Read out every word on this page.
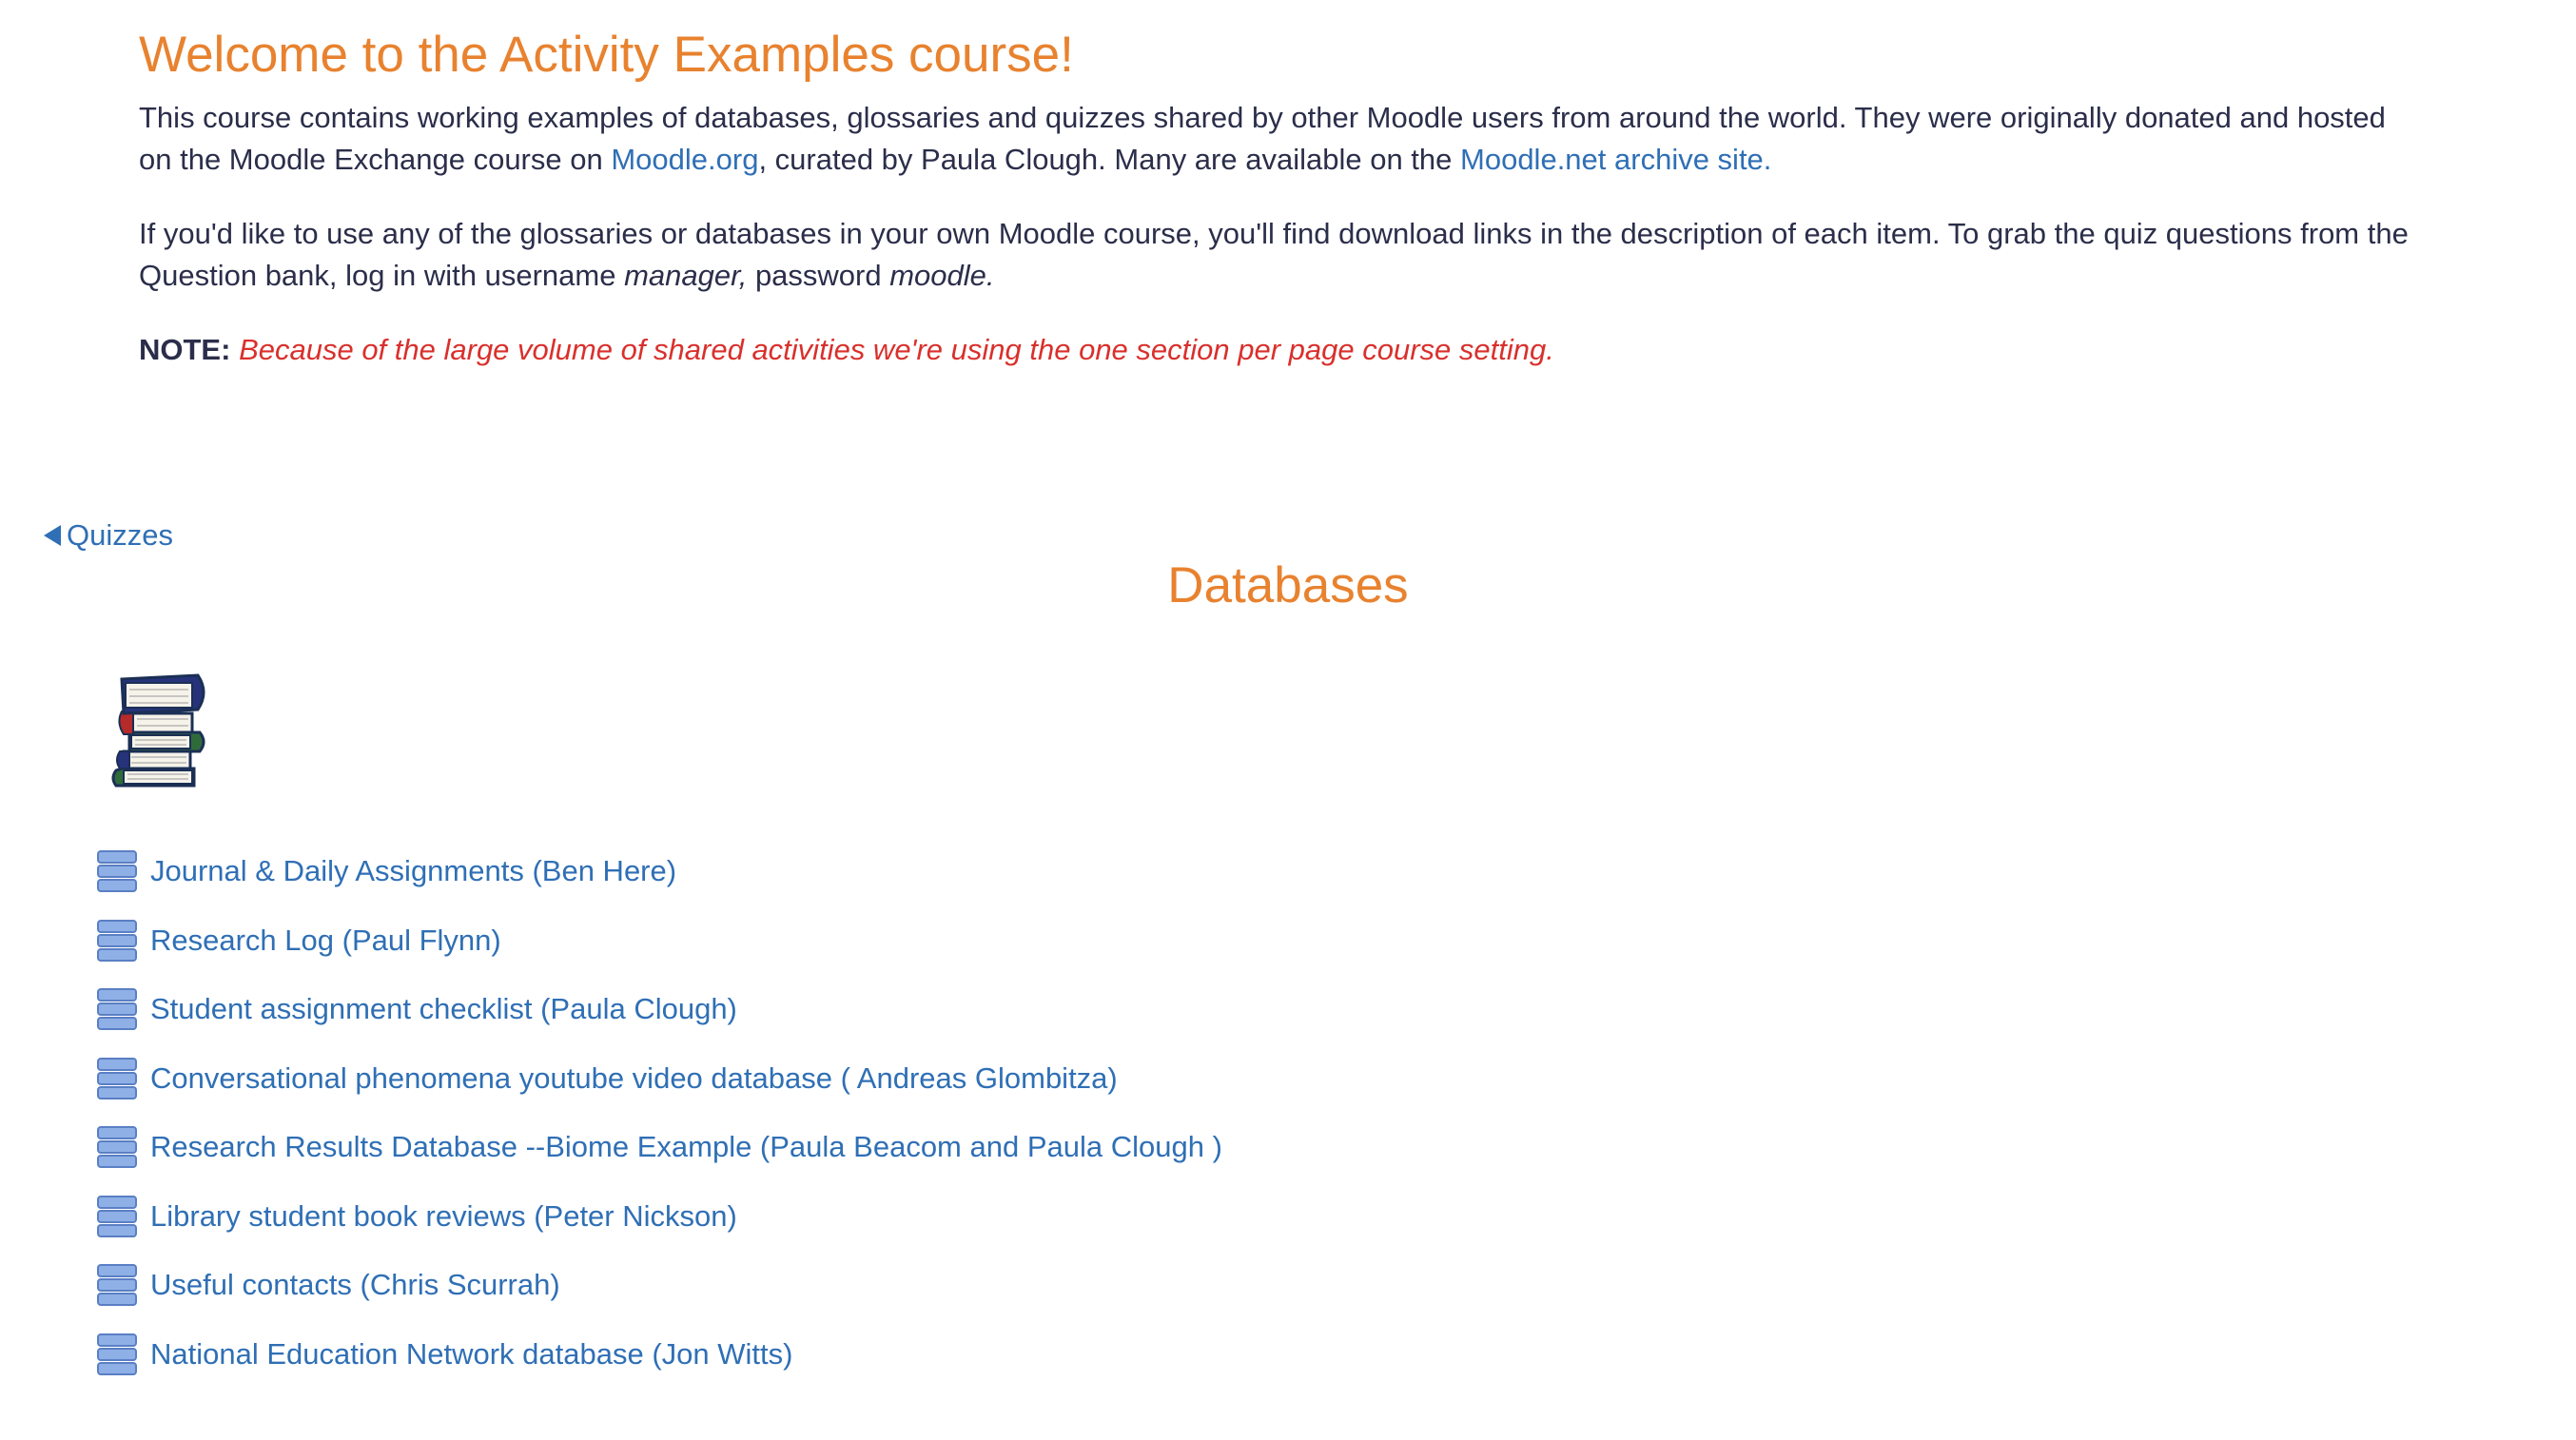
Welcome to the Activity Examples course!

This course contains working examples of databases, glossaries and quizzes shared by other Moodle users from around the world. They were originally donated and hosted on the Moodle Exchange course on Moodle.org, curated by Paula Clough. Many are available on the Moodle.net archive site.

If you'd like to use any of the glossaries or databases in your own Moodle course, you'll find download links in the description of each item. To grab the quiz questions from the Question bank, log in with username manager, password moodle.

NOTE: Because of the large volume of shared activities we're using the one section per page course setting.

Quizzes
Databases
Journal & Daily Assignments (Ben Here)
Research Log (Paul Flynn)
Student assignment checklist (Paula Clough)
Conversational phenomena youtube video database ( Andreas Glombitza)
Research Results Database --Biome Example (Paula Beacom and Paula Clough )
Library student book reviews (Peter Nickson)
Useful contacts (Chris Scurrah)
National Education Network database (Jon Witts)
